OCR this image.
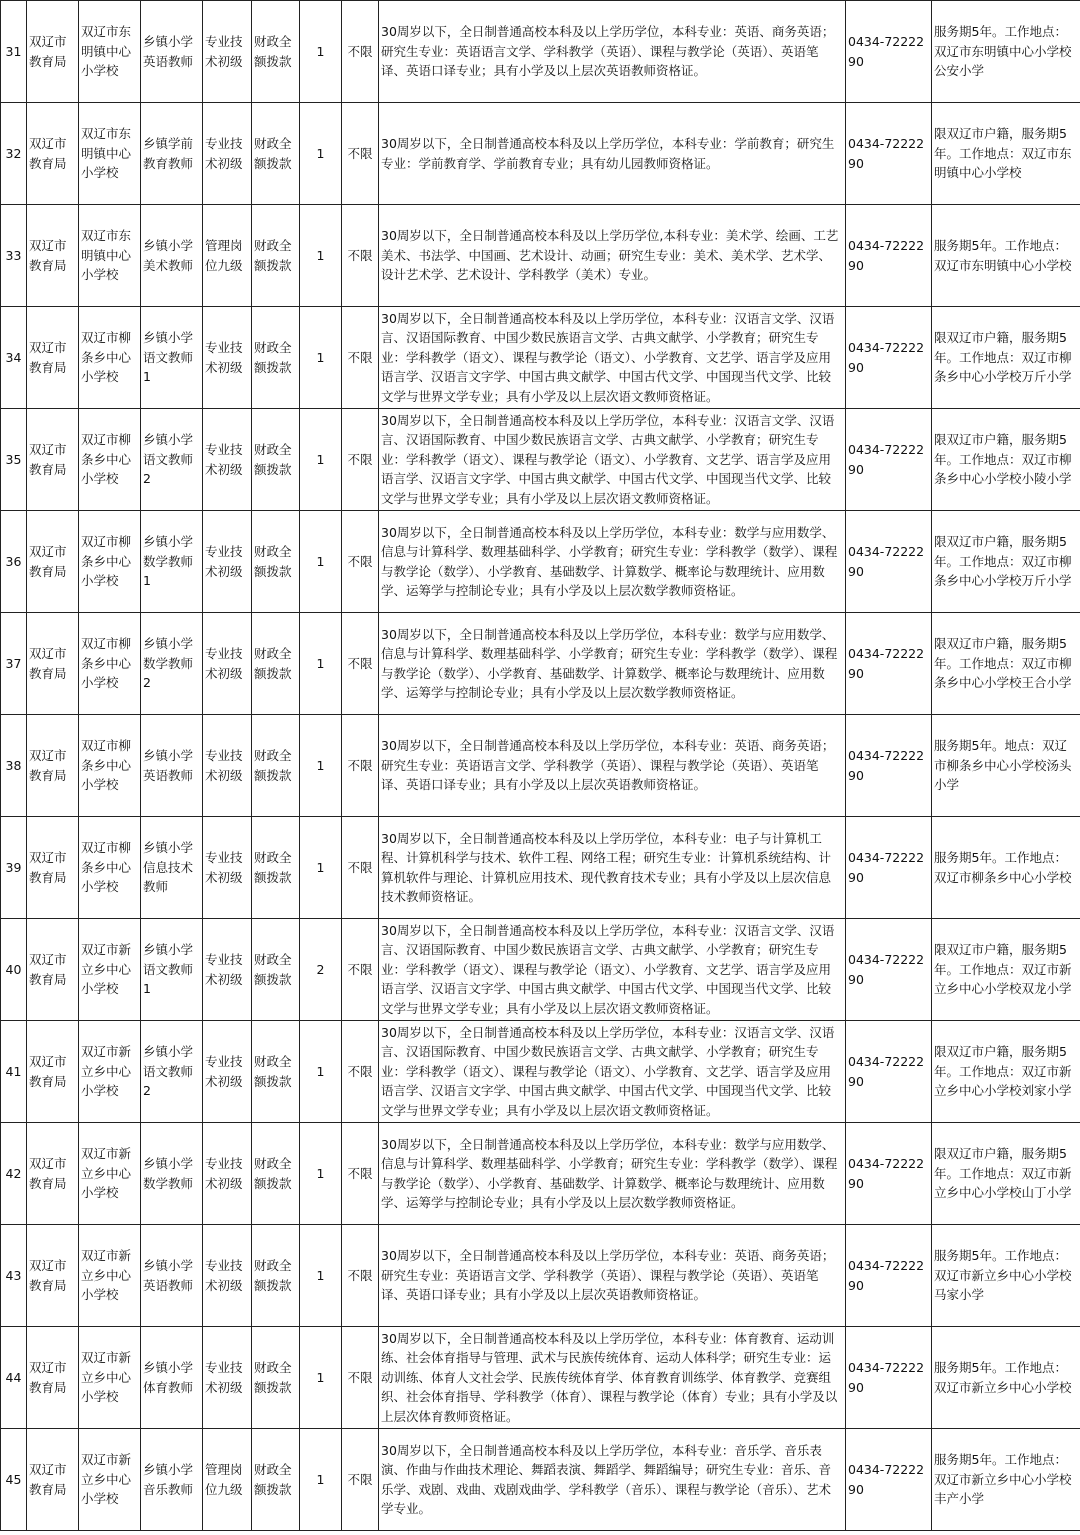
31	双辽市教育局	双辽市东明镇中心小学校	乡镇小学英语教师	专业技术初级	财政全额拨款	1	不限	30周岁以下，全日制普通高校本科及以上学历学位，本科专业：英语、商务英语；研究生专业：英语语言文学、学科教学（英语）、课程与教学论（英语）、英语笔译、英语口译专业；具有小学及以上层次英语教师资格证。	0434-7222290	服务期5年。工作地点：双辽市东明镇中心小学校公安小学
32	双辽市教育局	双辽市东明镇中心小学校	乡镇学前教育教师	专业技术初级	财政全额拨款	1	不限	30周岁以下，全日制普通高校本科及以上学历学位，本科专业：学前教育；研究生专业：学前教育学、学前教育专业；具有幼儿园教师资格证。	0434-7222290	限双辽市户籍，服务期5年。工作地点：双辽市东明镇中心小学校
33	双辽市教育局	双辽市东明镇中心小学校	乡镇小学美术教师	管理岗位九级	财政全额拨款	1	不限	30周岁以下，全日制普通高校本科及以上学历学位,本科专业：美术学、绘画、工艺美术、书法学、中国画、艺术设计、动画；研究生专业：美术、美术学、艺术学、设计艺术学、艺术设计、学科教学（美术）专业。	0434-7222290	服务期5年。工作地点：双辽市东明镇中心小学校
34	双辽市教育局	双辽市柳条乡中心小学校	乡镇小学语文教师1	专业技术初级	财政全额拨款	1	不限	30周岁以下，全日制普通高校本科及以上学历学位，本科专业：汉语言文学、汉语言、汉语国际教育、中国少数民族语言文学、古典文献学、小学教育；研究生专业：学科教学（语文）、课程与教学论（语文）、小学教育、文艺学、语言学及应用语言学、汉语言文字学、中国古典文献学、中国古代文学、中国现当代文学、比较文学与世界文学专业；具有小学及以上层次语文教师资格证。	0434-7222290	限双辽市户籍，服务期5年。工作地点：双辽市柳条乡中心小学校万斤小学
35	双辽市教育局	双辽市柳条乡中心小学校	乡镇小学语文教师2	专业技术初级	财政全额拨款	1	不限	30周岁以下，全日制普通高校本科及以上学历学位，本科专业：汉语言文学、汉语言、汉语国际教育、中国少数民族语言文学、古典文献学、小学教育；研究生专业：学科教学（语文）、课程与教学论（语文）、小学教育、文艺学、语言学及应用语言学、汉语言文字学、中国古典文献学、中国古代文学、中国现当代文学、比较文学与世界文学专业；具有小学及以上层次语文教师资格证。	0434-7222290	限双辽市户籍，服务期5年。工作地点：双辽市柳条乡中心小学校小陵小学
36	双辽市教育局	双辽市柳条乡中心小学校	乡镇小学数学教师1	专业技术初级	财政全额拨款	1	不限	30周岁以下，全日制普通高校本科及以上学历学位，本科专业：数学与应用数学、信息与计算科学、数理基础科学、小学教育；研究生专业：学科教学（数学）、课程与教学论（数学）、小学教育、基础数学、计算数学、概率论与数理统计、应用数学、运筹学与控制论专业；具有小学及以上层次数学教师资格证。	0434-7222290	限双辽市户籍，服务期5年。工作地点：双辽市柳条乡中心小学校万斤小学
37	双辽市教育局	双辽市柳条乡中心小学校	乡镇小学数学教师2	专业技术初级	财政全额拨款	1	不限	30周岁以下，全日制普通高校本科及以上学历学位，本科专业：数学与应用数学、信息与计算科学、数理基础科学、小学教育；研究生专业：学科教学（数学）、课程与教学论（数学）、小学教育、基础数学、计算数学、概率论与数理统计、应用数学、运筹学与控制论专业；具有小学及以上层次数学教师资格证。	0434-7222290	限双辽市户籍，服务期5年。工作地点：双辽市柳条乡中心小学校王合小学
38	双辽市教育局	双辽市柳条乡中心小学校	乡镇小学英语教师	专业技术初级	财政全额拨款	1	不限	30周岁以下，全日制普通高校本科及以上学历学位，本科专业：英语、商务英语；研究生专业：英语语言文学、学科教学（英语）、课程与教学论（英语）、英语笔译、英语口译专业；具有小学及以上层次英语教师资格证。	0434-7222290	服务期5年。地点：双辽市柳条乡中心小学校汤头小学
39	双辽市教育局	双辽市柳条乡中心小学校	乡镇小学信息技术教师	专业技术初级	财政全额拨款	1	不限	30周岁以下，全日制普通高校本科及以上学历学位，本科专业：电子与计算机工程、计算机科学与技术、软件工程、网络工程；研究生专业：计算机系统结构、计算机软件与理论、计算机应用技术、现代教育技术专业；具有小学及以上层次信息技术教师资格证。	0434-7222290	服务期5年。工作地点：双辽市柳条乡中心小学校
40	双辽市教育局	双辽市新立乡中心小学校	乡镇小学语文教师1	专业技术初级	财政全额拨款	2	不限	30周岁以下，全日制普通高校本科及以上学历学位，本科专业：汉语言文学、汉语言、汉语国际教育、中国少数民族语言文学、古典文献学、小学教育；研究生专业：学科教学（语文）、课程与教学论（语文）、小学教育、文艺学、语言学及应用语言学、汉语言文字学、中国古典文献学、中国古代文学、中国现当代文学、比较文学与世界文学专业；具有小学及以上层次语文教师资格证。	0434-7222290	限双辽市户籍，服务期5年。工作地点：双辽市新立乡中心小学校双龙小学
41	双辽市教育局	双辽市新立乡中心小学校	乡镇小学语文教师2	专业技术初级	财政全额拨款	1	不限	30周岁以下，全日制普通高校本科及以上学历学位，本科专业：汉语言文学、汉语言、汉语国际教育、中国少数民族语言文学、古典文献学、小学教育；研究生专业：学科教学（语文）、课程与教学论（语文）、小学教育、文艺学、语言学及应用语言学、汉语言文字学、中国古典文献学、中国古代文学、中国现当代文学、比较文学与世界文学专业；具有小学及以上层次语文教师资格证。	0434-7222290	限双辽市户籍，服务期5年。工作地点：双辽市新立乡中心小学校刘家小学
42	双辽市教育局	双辽市新立乡中心小学校	乡镇小学数学教师	专业技术初级	财政全额拨款	1	不限	30周岁以下，全日制普通高校本科及以上学历学位，本科专业：数学与应用数学、信息与计算科学、数理基础科学、小学教育；研究生专业：学科教学（数学）、课程与教学论（数学）、小学教育、基础数学、计算数学、概率论与数理统计、应用数学、运筹学与控制论专业；具有小学及以上层次数学教师资格证。	0434-7222290	限双辽市户籍，服务期5年。工作地点：双辽市新立乡中心小学校山丁小学
43	双辽市教育局	双辽市新立乡中心小学校	乡镇小学英语教师	专业技术初级	财政全额拨款	1	不限	30周岁以下，全日制普通高校本科及以上学历学位，本科专业：英语、商务英语；研究生专业：英语语言文学、学科教学（英语）、课程与教学论（英语）、英语笔译、英语口译专业；具有小学及以上层次英语教师资格证。	0434-7222290	服务期5年。工作地点：双辽市新立乡中心小学校马家小学
44	双辽市教育局	双辽市新立乡中心小学校	乡镇小学体育教师	专业技术初级	财政全额拨款	1	不限	30周岁以下，全日制普通高校本科及以上学历学位，本科专业：体育教育、运动训练、社会体育指导与管理、武术与民族传统体育、运动人体科学；研究生专业：运动训练、体育人文社会学、民族传统体育学、体育教育训练学、体育教学、竞赛组织、社会体育指导、学科教学（体育）、课程与教学论（体育）专业；具有小学及以上层次体育教师资格证。	0434-7222290	服务期5年。工作地点：双辽市新立乡中心小学校
45	双辽市教育局	双辽市新立乡中心小学校	乡镇小学音乐教师	管理岗位九级	财政全额拨款	1	不限	30周岁以下，全日制普通高校本科及以上学历学位，本科专业：音乐学、音乐表演、作曲与作曲技术理论、舞蹈表演、舞蹈学、舞蹈编导；研究生专业：音乐、音乐学、戏剧、戏曲、戏剧戏曲学、学科教学（音乐）、课程与教学论（音乐）、艺术学专业。	0434-7222290	服务期5年。工作地点：双辽市新立乡中心小学校丰产小学
